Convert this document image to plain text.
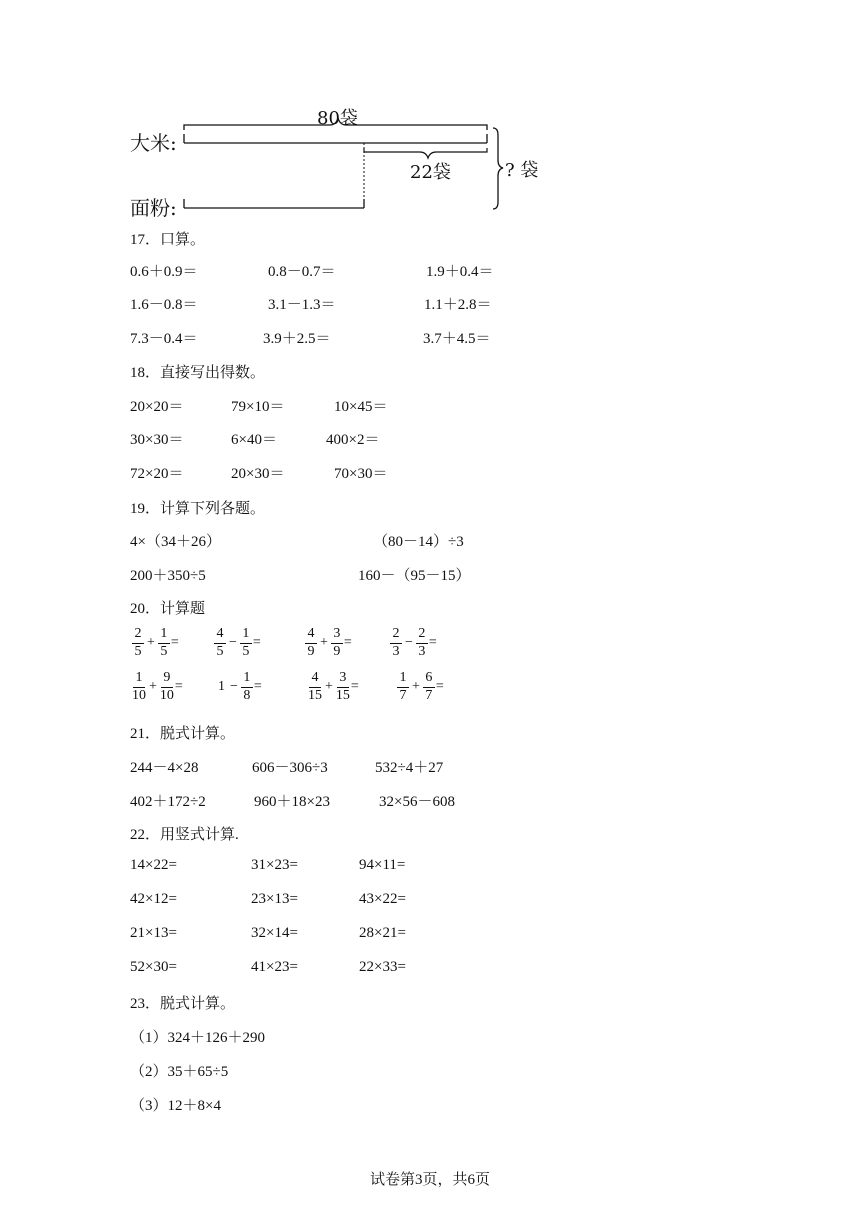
大米:
面粉:
80袋
22袋	? 袋
17．口算。
0.6＋0.9＝	0.8－0.7＝	1.9＋0.4＝
1.6－0.8＝	3.1－1.3＝	1.1＋2.8＝
7.3－0.4＝	3.9＋2.5＝	3.7＋4.5＝
18．直接写出得数。
20×20＝	79×10＝	10×45＝
30×30＝	6×40＝	400×2＝
72×20＝	20×30＝	70×30＝
19．计算下列各题。
4×（34＋26）	（80－14）÷3
200＋350÷5	160－（95－15）
20．计算题
$\frac{2}{5} + \frac{1}{5}$ =	$\frac{4}{5} - \frac{1}{5}$ =	$\frac{4}{9} + \frac{3}{9}$ =	$\frac{2}{3} - \frac{2}{3}$ =
$\frac{1}{10} + \frac{9}{10}$ =	$1 - \frac{1}{8}$ =	$\frac{4}{15} + \frac{3}{15}$ =	$\frac{1}{7} + \frac{6}{7}$ =
21．脱式计算。
244－4×28	606－306÷3	532÷4＋27
402＋172÷2	960＋18×23	32×56－608
22．用竖式计算.
14×22=	31×23=	94×11=
42×12=	23×13=	43×22=
21×13=	32×14=	28×21=
52×30=	41×23=	22×33=
23．脱式计算。
（1）324＋126＋290
（2）35＋65÷5
（3）12＋8×4
试卷第3页，共6页
